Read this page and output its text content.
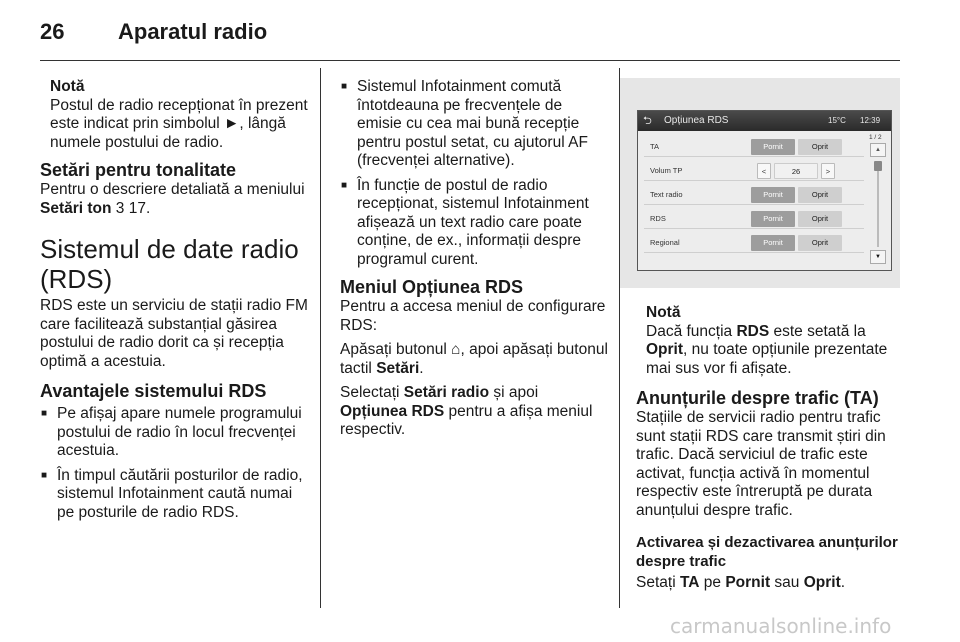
26 Aparatul radio
Notă

Postul de radio recepționat în prezent este indicat prin simbolul ►, lângă numele postului de radio.

Setări pentru tonalitate

Pentru o descriere detaliată a meniului Setări ton 3 17.

Sistemul de date radio (RDS)

RDS este un serviciu de stații radio FM care facilitează substanțial găsirea postului de radio dorit ca și recepția optimă a acestuia.

Avantajele sistemului RDS
■ Pe afișaj apare numele programului postului de radio în locul frecvenței acestuia.
■ În timpul căutării posturilor de radio, sistemul Infotainment caută numai pe posturile de radio RDS.
■ Sistemul Infotainment comută întotdeauna pe frecvențele de emisie cu cea mai bună recepție pentru postul setat, cu ajutorul AF (frecvenței alternative).
■ În funcție de postul de radio recepționat, sistemul Infotainment afișează un text radio care poate conține, de ex., informații despre programul curent.
Meniul Opțiunea RDS

Pentru a accesa meniul de configurare RDS:

Apăsați butonul ⌂, apoi apăsați butonul tactil Setări.

Selectați Setări radio și apoi Opțiunea RDS pentru a afișa meniul respectiv.

⮌ Opțiunea RDS	15°C 12:39
TA	Pornit	Oprit
Volum TP	<	26	>
Text radio	Pornit	Oprit
RDS	Pornit	Oprit
Regional	Pornit	Oprit
1 / 2
▲
▼
Notă

Dacă funcția RDS este setată la Oprit, nu toate opțiunile prezentate mai sus vor fi afișate.

Anunțurile despre trafic (TA)

Stațiile de servicii radio pentru trafic sunt stații RDS care transmit știri din trafic. Dacă serviciul de trafic este activat, funcția activă în momentul respectiv este întreruptă pe durata anunțului despre trafic.

Activarea și dezactivarea anunțurilor despre trafic

Setați TA pe Pornit sau Oprit.

carmanualsonline.info
